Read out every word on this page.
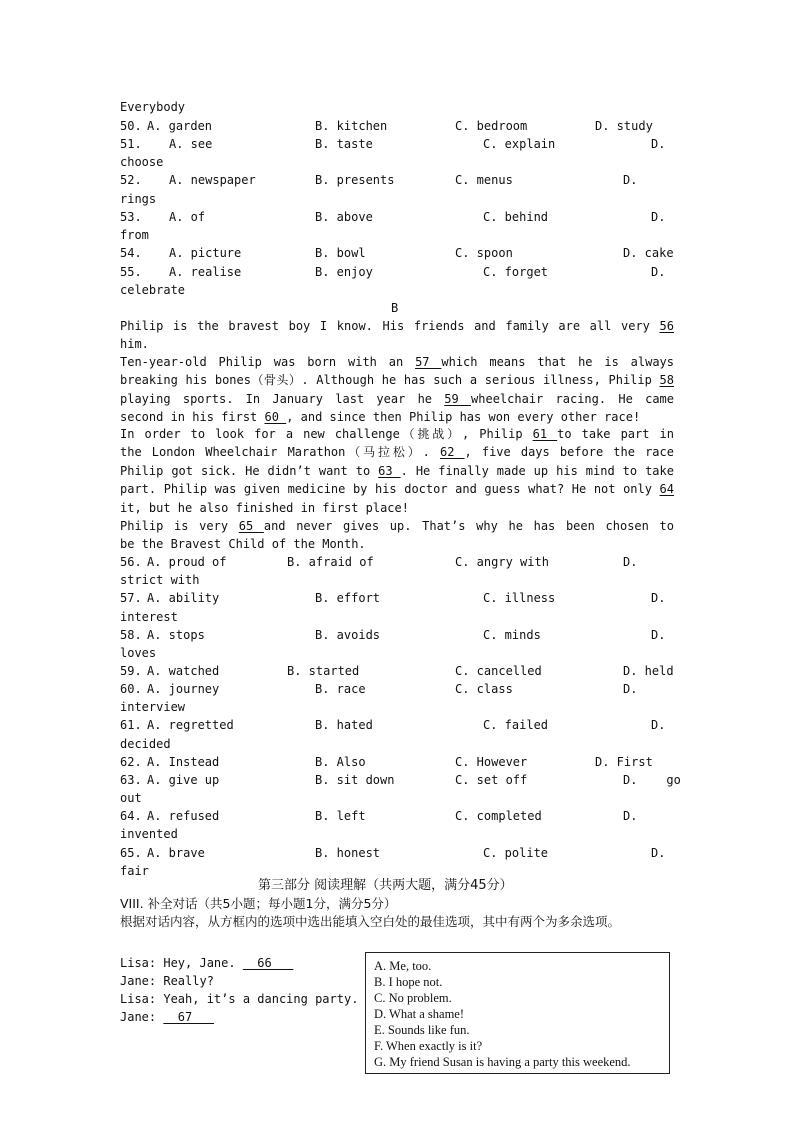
Everybody
50. A. garden	B. kitchen	C. bedroom	D. study
51. A. see	B. taste	C. explain	D.
choose
52. A. newspaper	B. presents	C. menus	D.
rings
53. A. of	B. above	C. behind	D.
from
54. A. picture	B. bowl	C. spoon	D. cake
55. A. realise	B. enjoy	C. forget	D.
celebrate
B
Philip is the bravest boy I know. His friends and family are all very 56
him.
Ten-year-old Philip was born with an 57 which means that he is always
breaking his bones（骨头）. Although he has such a serious illness, Philip 58
playing sports. In January last year he 59 wheelchair racing. He came
second in his first 60 , and since then Philip has won every other race!
In order to look for a new challenge（挑战）, Philip 61 to take part in
the London Wheelchair Marathon（马拉松）. 62 , five days before the race
Philip got sick. He didn’t want to 63 . He finally made up his mind to take
part. Philip was given medicine by his doctor and guess what? He not only 64
it, but he also finished in first place!
Philip is very 65 and never gives up. That’s why he has been chosen to
be the Bravest Child of the Month.
56. A. proud of	B. afraid of	C. angry with	D.
strict with
57. A. ability	B. effort	C. illness	D.
interest
58. A. stops	B. avoids	C. minds	D.
loves
59. A. watched	B. started	C. cancelled	D. held
60. A. journey	B. race	C. class	D.
interview
61. A. regretted	B. hated	C. failed	D.
decided
62. A. Instead	B. Also	C. However	D. First
63. A. give up	B. sit down	C. set off	D.    go
out
64. A. refused	B. left	C. completed	D.
invented
65. A. brave	B. honest	C. polite	D.
fair
第三部分 阅读理解（共两大题，满分45分）
VIII. 补全对话（共5小题；每小题1分，满分5分）
根据对话内容，从方框内的选项中选出能填入空白处的最佳选项，其中有两个为多余选项。
Lisa: Hey, Jane.   66
Jane: Really?
Lisa: Yeah, it’s a dancing party.
Jane:   67
A. Me, too.
B. I hope not.
C. No problem.
D. What a shame!
E. Sounds like fun.
F. When exactly is it?
G. My friend Susan is having a party this weekend.
